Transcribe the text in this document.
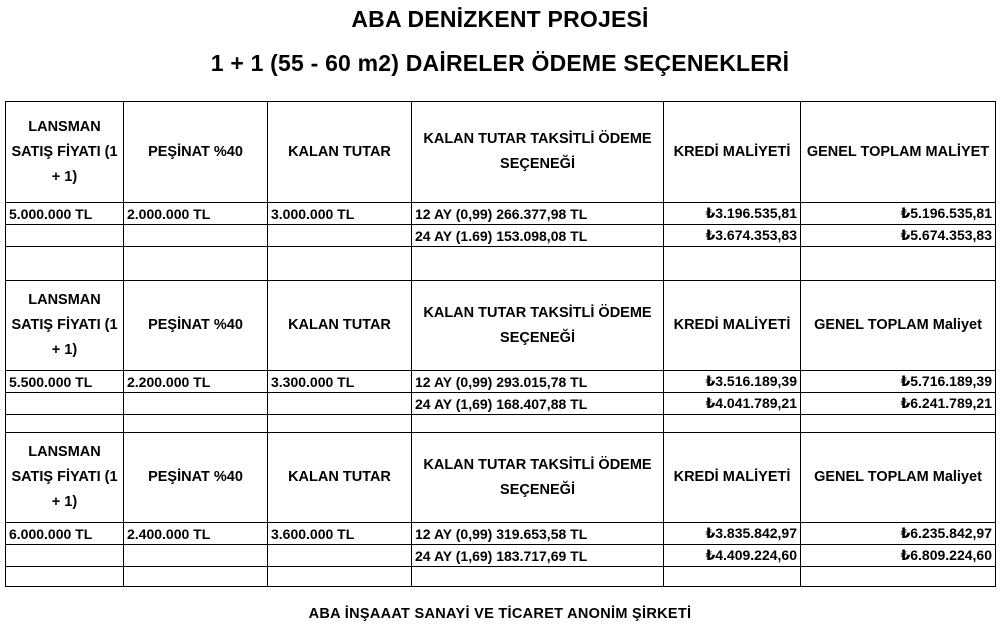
ABA DENİZKENT PROJESİ
1 + 1 (55 - 60 m2) DAİRELER ÖDEME SEÇENEKLERİ
LANSMAN SATIŞ FİYATI (1 + 1)	PEŞİNAT %40	KALAN TUTAR	KALAN TUTAR TAKSİTLİ ÖDEME SEÇENEĞİ	KREDİ MALİYETİ	GENEL TOPLAM MALİYET
5.000.000 TL	2.000.000 TL	3.000.000 TL	12 AY (0,99) 266.377,98 TL	₺3.196.535,81	₺5.196.535,81
			24 AY (1.69) 153.098,08 TL	₺3.674.353,83	₺5.674.353,83

LANSMAN SATIŞ FİYATI (1 + 1)	PEŞİNAT %40	KALAN TUTAR	KALAN TUTAR TAKSİTLİ ÖDEME SEÇENEĞİ	KREDİ MALİYETİ	GENEL TOPLAM Maliyet
5.500.000 TL	2.200.000 TL	3.300.000 TL	12 AY (0,99) 293.015,78 TL	₺3.516.189,39	₺5.716.189,39
			24 AY (1,69) 168.407,88 TL	₺4.041.789,21	₺6.241.789,21

LANSMAN SATIŞ FİYATI (1 + 1)	PEŞİNAT %40	KALAN TUTAR	KALAN TUTAR TAKSİTLİ ÖDEME SEÇENEĞİ	KREDİ MALİYETİ	GENEL TOPLAM Maliyet
6.000.000 TL	2.400.000 TL	3.600.000 TL	12 AY (0,99) 319.653,58 TL	₺3.835.842,97	₺6.235.842,97
			24 AY (1,69) 183.717,69 TL	₺4.409.224,60	₺6.809.224,60

ABA İNŞAAAT SANAYİ VE TİCARET ANONİM ŞİRKETİ
